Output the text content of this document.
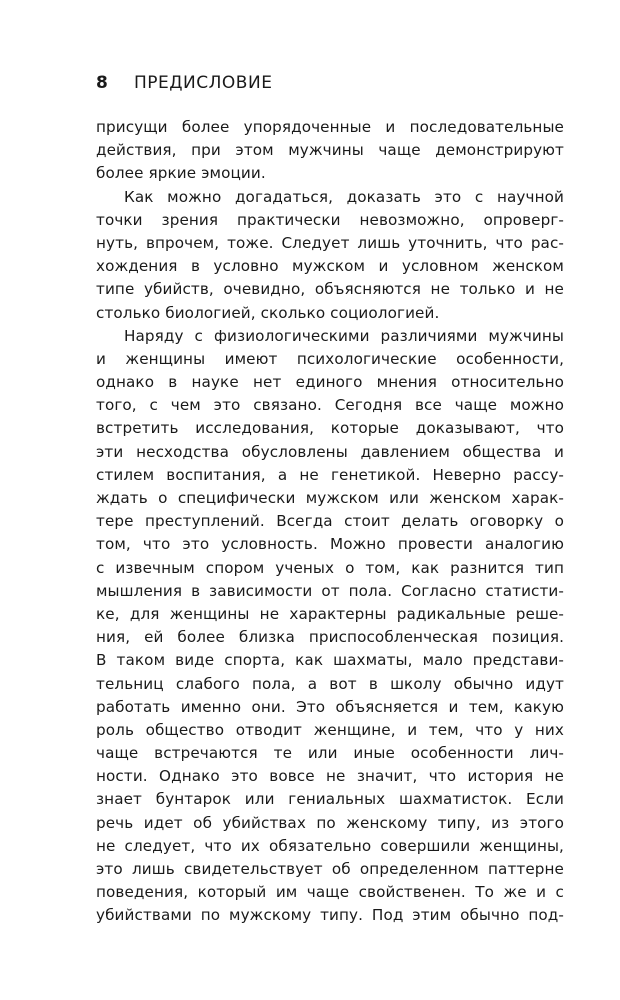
8	ПРЕДИСЛОВИЕ
присущи более упорядоченные и последовательные
действия, при этом мужчины чаще демонстрируют
более яркие эмоции.
Как можно догадаться, доказать это с научной
точки зрения практически невозможно, опроверг-
нуть, впрочем, тоже. Следует лишь уточнить, что рас-
хождения в условно мужском и условном женском
типе убийств, очевидно, объясняются не только и не
столько биологией, сколько социологией.
Наряду с физиологическими различиями мужчины
и женщины имеют психологические особенности,
однако в науке нет единого мнения относительно
того, с чем это связано. Сегодня все чаще можно
встретить исследования, которые доказывают, что
эти несходства обусловлены давлением общества и
стилем воспитания, а не генетикой. Неверно рассу-
ждать о специфически мужском или женском харак-
тере преступлений. Всегда стоит делать оговорку о
том, что это условность. Можно провести аналогию
с извечным спором ученых о том, как разнится тип
мышления в зависимости от пола. Согласно статисти-
ке, для женщины не характерны радикальные реше-
ния, ей более близка приспособленческая позиция.
В таком виде спорта, как шахматы, мало представи-
тельниц слабого пола, а вот в школу обычно идут
работать именно они. Это объясняется и тем, какую
роль общество отводит женщине, и тем, что у них
чаще встречаются те или иные особенности лич-
ности. Однако это вовсе не значит, что история не
знает бунтарок или гениальных шахматисток. Если
речь идет об убийствах по женскому типу, из этого
не следует, что их обязательно совершили женщины,
это лишь свидетельствует об определенном паттерне
поведения, который им чаще свойственен. То же и с
убийствами по мужскому типу. Под этим обычно под-
